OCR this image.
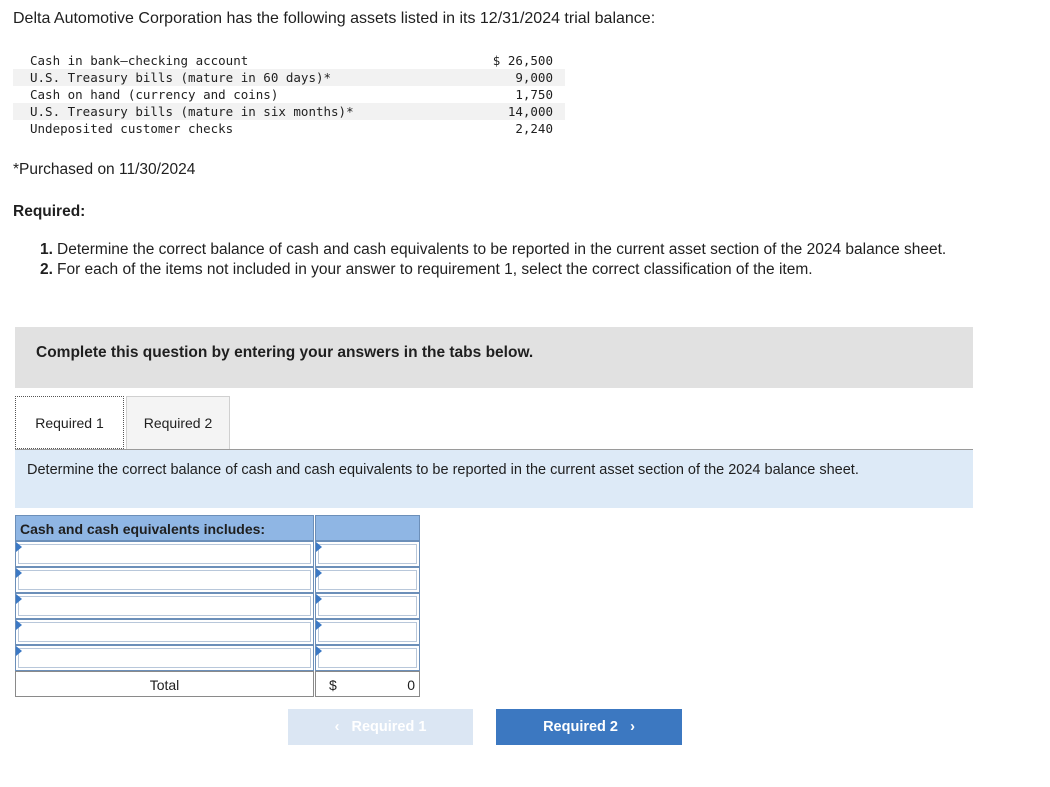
Delta Automotive Corporation has the following assets listed in its 12/31/2024 trial balance:
Cash in bank—checking account	$ 26,500
U.S. Treasury bills (mature in 60 days)*	9,000
Cash on hand (currency and coins)	1,750
U.S. Treasury bills (mature in six months)*	14,000
Undeposited customer checks	2,240
*Purchased on 11/30/2024
Required:
1. Determine the correct balance of cash and cash equivalents to be reported in the current asset section of the 2024 balance sheet.
2. For each of the items not included in your answer to requirement 1, select the correct classification of the item.
Complete this question by entering your answers in the tabs below.
Required 1	Required 2
Determine the correct balance of cash and cash equivalents to be reported in the current asset section of the 2024 balance sheet.
Cash and cash equivalents includes:
Total	$	0
‹
Required 1	Required 2
›
